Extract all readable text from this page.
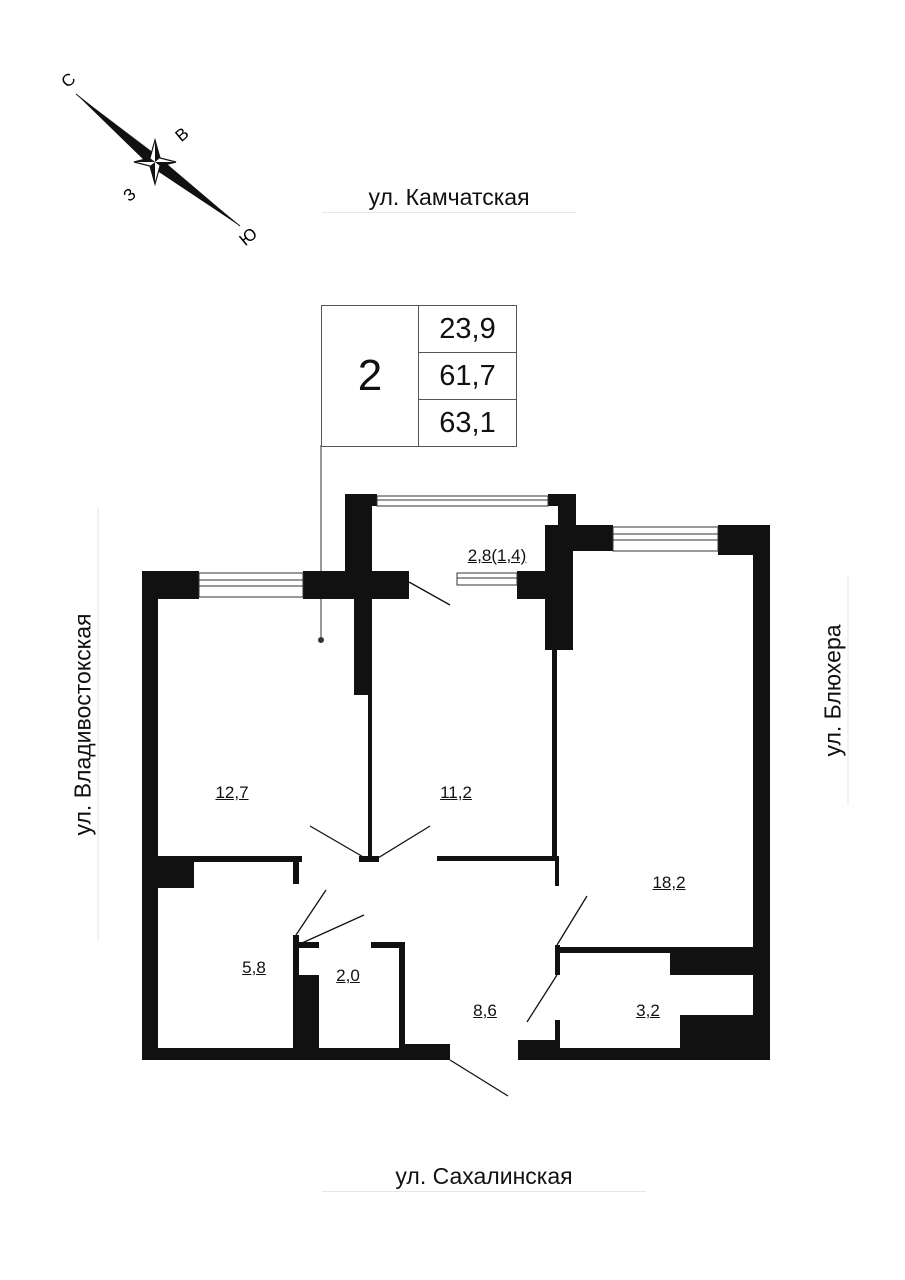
С
В
З
Ю
ул. Камчатская
ул. Сахалинская
ул. Владивостокская	ул. Блюхера
2
23,9
61,7
63,1
2,8(1,4)
12,7	11,2
18,2
5,8	2,0
8,6	3,2
